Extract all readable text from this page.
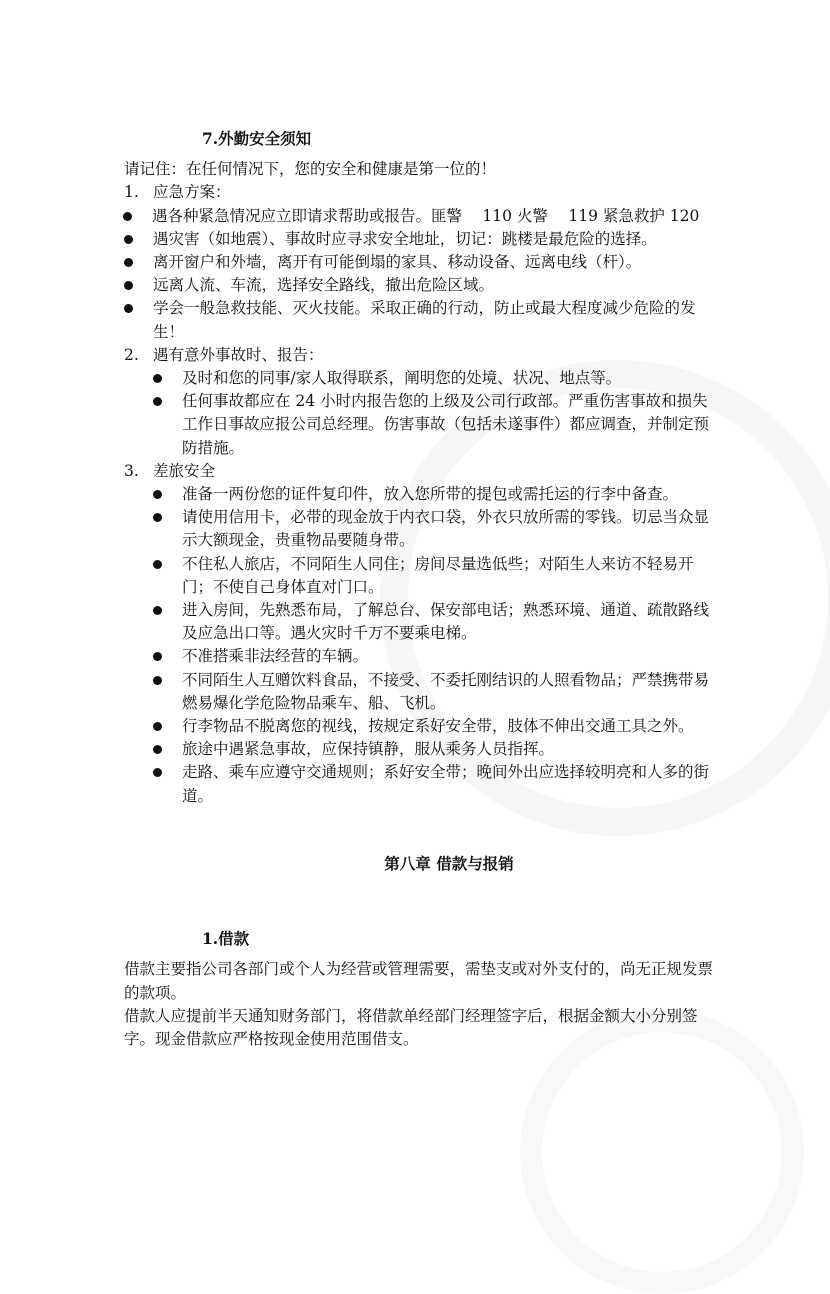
7.外勤安全须知
请记住：在任何情况下，您的安全和健康是第一位的！
1. 应急方案：
遇各种紧急情况应立即请求帮助或报告。匪警　 110 火警　 119 紧急救护 120
遇灾害（如地震）、事故时应寻求安全地址，切记：跳楼是最危险的选择。
离开窗户和外墙，离开有可能倒塌的家具、移动设备、远离电线（杆）。
远离人流、车流，选择安全路线，撤出危险区域。
学会一般急救技能、灭火技能。采取正确的行动，防止或最大程度减少危险的发生！
2. 遇有意外事故时、报告：
及时和您的同事/家人取得联系，阐明您的处境、状况、地点等。
任何事故都应在 24 小时内报告您的上级及公司行政部。严重伤害事故和损失工作日事故应报公司总经理。伤害事故（包括未遂事件）都应调查，并制定预防措施。
3. 差旅安全
准备一两份您的证件复印件，放入您所带的提包或需托运的行李中备查。
请使用信用卡，必带的现金放于内衣口袋，外衣只放所需的零钱。切忌当众显示大额现金，贵重物品要随身带。
不住私人旅店，不同陌生人同住；房间尽量选低些；对陌生人来访不轻易开门；不使自己身体直对门口。
进入房间，先熟悉布局，了解总台、保安部电话；熟悉环境、通道、疏散路线及应急出口等。遇火灾时千万不要乘电梯。
不准搭乘非法经营的车辆。
不同陌生人互赠饮料食品，不接受、不委托刚结识的人照看物品；严禁携带易燃易爆化学危险物品乘车、船、飞机。
行李物品不脱离您的视线，按规定系好安全带，肢体不伸出交通工具之外。
旅途中遇紧急事故，应保持镇静，服从乘务人员指挥。
走路、乘车应遵守交通规则；系好安全带；晚间外出应选择较明亮和人多的街道。
第八章 借款与报销
1.借款
借款主要指公司各部门或个人为经营或管理需要，需垫支或对外支付的，尚无正规发票的款项。
借款人应提前半天通知财务部门，将借款单经部门经理签字后，根据金额大小分别签字。现金借款应严格按现金使用范围借支。
